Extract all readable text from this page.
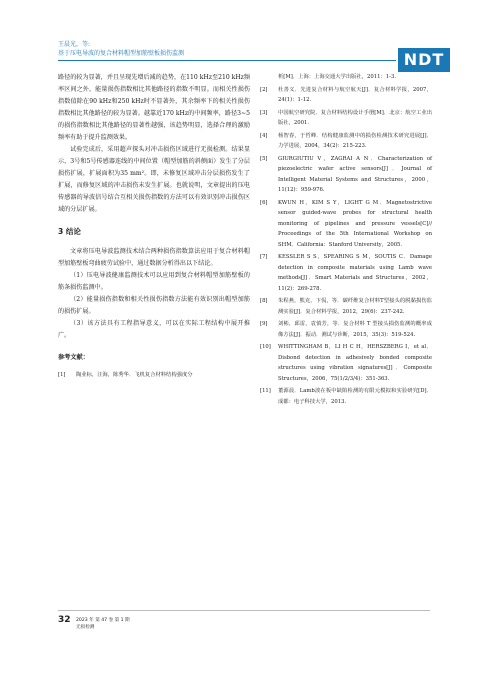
王晨光，等:
基于压电导波的复合材料帽型加筋壁板损伤监测	NDT

路径的较为显著，并且呈现先增后减的趋势，在110 kHz至210 kHz频率区间之外，能量损伤指数相比其他路径的指数不明显。而相关性损伤指数值除在90 kHz和250 kHz时不显著外，其余频率下的相关性损伤指数相比其他路径的较为显著。越靠近170 kHz的中间频率，路径3~5的损伤指数相比其他路径的显著性越强，该趋势明显，选择合理的激励频率有助于提升监测效果。

试验完成后，采用超声探头对冲击损伤区域进行无损检测。结果显示，3号和5号传感器连线的中间位置（帽型加筋的斜侧面）发生了分层损伤扩展，扩展面积为35 mm²。即，未修复区域冲击分层损伤发生了扩展，而修复区域的冲击损伤未发生扩展。也就说明，文章提出的压电传感器的导波信号结合互相关损伤指数的方法可以有效识别冲击损伤区域的分层扩展。

3 结论

文章将压电导波监测技术结合两种损伤指数算法应用于复合材料帽型加筋壁板弯曲疲劳试验中，通过数据分析得出以下结论。

（1）压电导波健康监测技术可以应用到复合材料帽型加筋壁板的筋条损伤监测中。

（2）能量损伤指数和相关性损伤指数方法能有效识别出帽型加筋的损伤扩展。

（3）该方法具有工程指导意义，可以在实际工程结构中展开推广。

参考文献：
[1]	陶业标，汪海，陈秀华．飞机复合材料结构强度分
析[M]．上海：上海交通大学出版社，2011：1-3.
[2]	杜善义．先进复合材料与航空航天[J]．复合材料学报，2007，24(1)：1-12.
[3]	中国航空研究院．复合材料结构设计手册[M]．北京：航空工业出版社，2001.
[4]	杨智春，于哲峰．结构健康监测中的损伤检测技术研究进展[J]．力学进展，2004，34(2)：215-223.
[5]	GIURGIUTIU V，ZAGRAI A N．Characterization of piezoelectric wafer active sensors[J]．Journal of Intelligent Material Systems and Structures，2000，11(12)：959-976.
[6]	KWUN H，KIM S Y，LIGHT G M．Magnetostrictive sensor guided-wave probes for structural health monitoring of pipelines and pressure vessels[C]// Proceedings of the 5th International Workshop on SHM．California：Stanford University，2005.
[7]	KESSLER S S，SPEARING S M，SOUTIS C．Damage detection in composite materials using Lamb wave methods[J]．Smart Materials and Structures，2002，11(2)：269-278.
[8]	朱程燕，熊克，卞侃，等．碳纤维复合材料T型接头的脱黏损伤监测实验[J]．复合材料学报，2012，29(6)：237-242.
[9]	刘彬，邱雷，袁慎芳，等．复合材料 T 型接头损伤监测的概率成像方法[J]．振动．测试与诊断，2015，35(3)：519-524.
[10]	WHITTINGHAM B，LI H C H，HERSZBERG I，et al．Disbond detection in adhesively bonded composite structures using vibration signatures[J]．Composite Structures，2006，75(1/2/3/4)：351-363.
[11]	董源晨．Lamb波在板中缺陷检测的有限元模拟和实验研究[D]．成都：电子科技大学，2013.
32 2023 年 第 47 卷 第 1 期
无损检测
